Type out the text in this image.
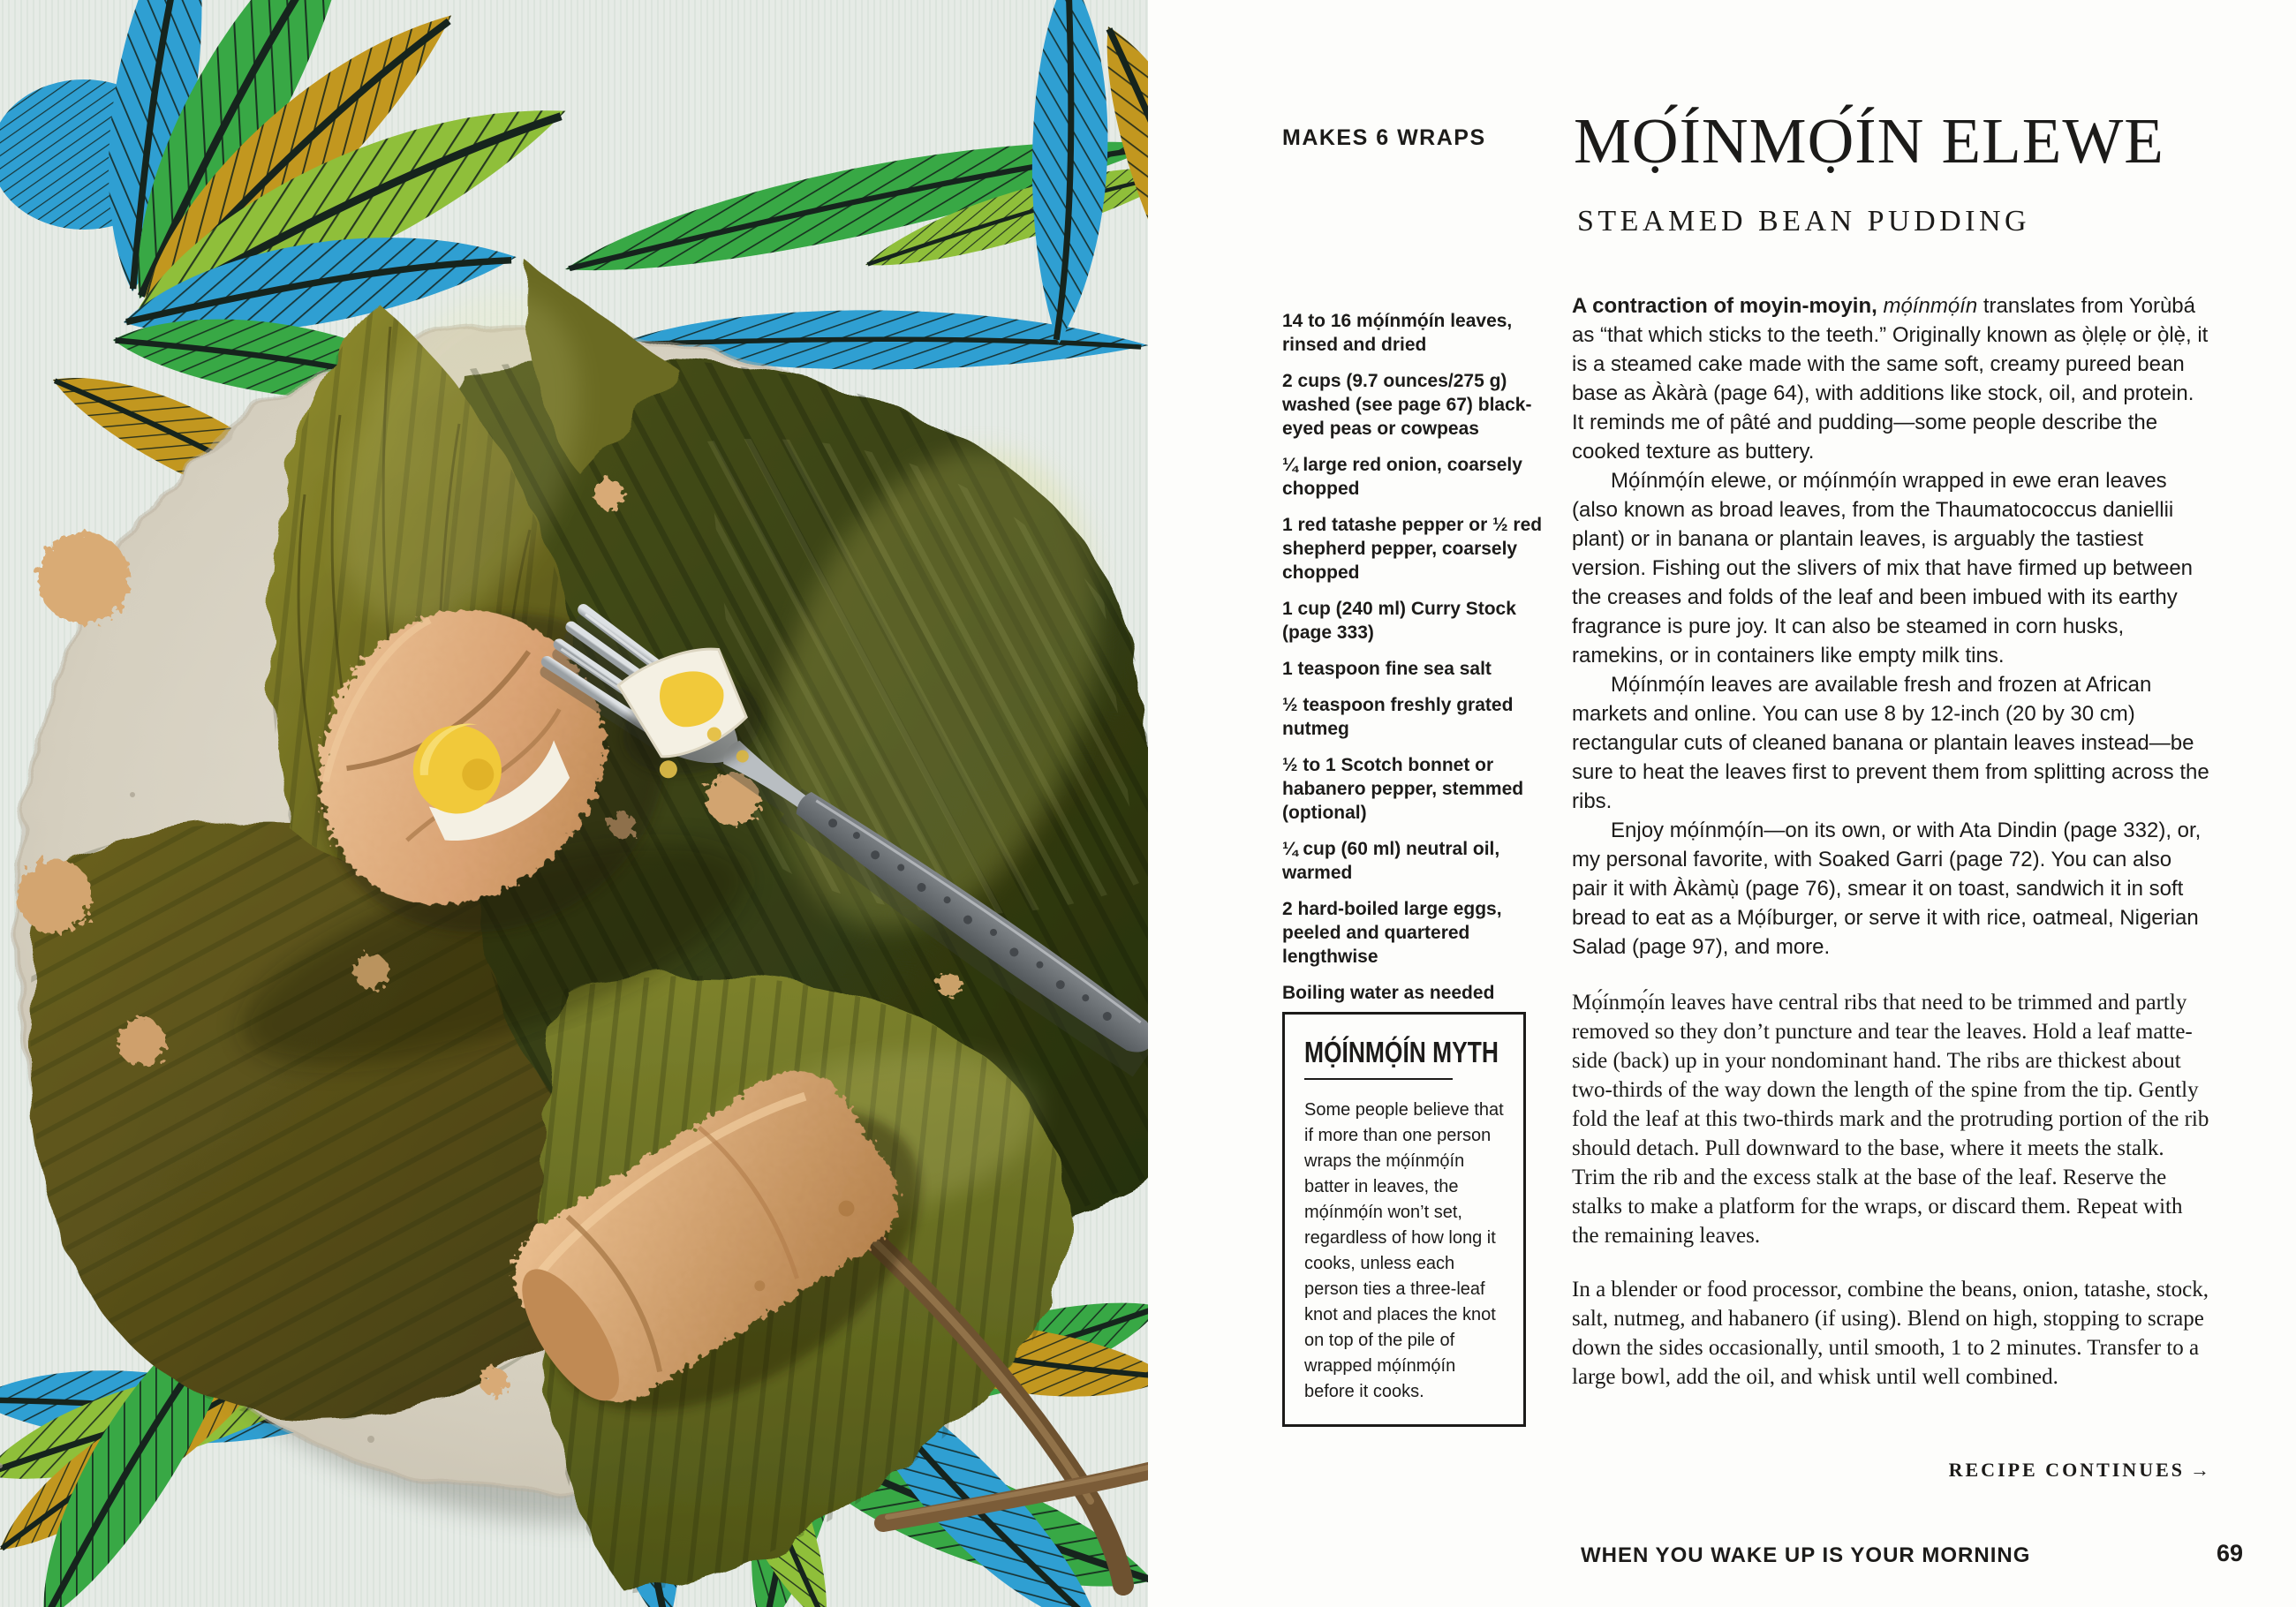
MAKES 6 WRAPS MỌ́ÍNMỌ́ÍN ELEWE
STEAMED BEAN PUDDING
14 to 16 mọ́ínmọ́ín leaves, rinsed and dried
2 cups (9.7 ounces/275 g) washed (see page 67) black-eyed peas or cowpeas
¼ large red onion, coarsely chopped
1 red tatashe pepper or ½ red shepherd pepper, coarsely chopped
1 cup (240 ml) Curry Stock (page 333)
1 teaspoon fine sea salt
½ teaspoon freshly grated nutmeg
½ to 1 Scotch bonnet or habanero pepper, stemmed (optional)
¼ cup (60 ml) neutral oil, warmed
2 hard-boiled large eggs, peeled and quartered lengthwise
Boiling water as needed
MỌ́ÍNMỌ́ÍN MYTH

Some people believe that if more than one person wraps the mọ́ínmọ́ín batter in leaves, the mọ́ínmọ́ín won’t set, regardless of how long it cooks, unless each person ties a three-leaf knot and places the knot on top of the pile of wrapped mọ́ínmọ́ín before it cooks.

A contraction of moyin-moyin, mọ́ínmọ́ín translates from Yorùbá as “that which sticks to the teeth.” Originally known as ọ̀lẹlẹ or ọ̀lẹ̀, it is a steamed cake made with the same soft, creamy pureed bean base as Àkàrà (page 64), with additions like stock, oil, and protein. It reminds me of pâté and pudding—some people describe the cooked texture as buttery.

Mọ́ínmọ́ín elewe, or mọ́ínmọ́ín wrapped in ewe eran leaves (also known as broad leaves, from the Thaumatococcus daniellii plant) or in banana or plantain leaves, is arguably the tastiest version. Fishing out the slivers of mix that have firmed up between the creases and folds of the leaf and been imbued with its earthy fragrance is pure joy. It can also be steamed in corn husks, ramekins, or in containers like empty milk tins.

Mọ́ínmọ́ín leaves are available fresh and frozen at African markets and online. You can use 8 by 12-inch (20 by 30 cm) rectangular cuts of cleaned banana or plantain leaves instead—be sure to heat the leaves first to prevent them from splitting across the ribs.

Enjoy mọ́ínmọ́ín—on its own, or with Ata Dindin (page 332), or, my personal favorite, with Soaked Garri (page 72). You can also pair it with Àkàmụ̀ (page 76), smear it on toast, sandwich it in soft bread to eat as a Mọ́íburger, or serve it with rice, oatmeal, Nigerian Salad (page 97), and more.

Mọ́ínmọ́ín leaves have central ribs that need to be trimmed and partly removed so they don’t puncture and tear the leaves. Hold a leaf matte-side (back) up in your nondominant hand. The ribs are thickest about two-thirds of the way down the length of the spine from the tip. Gently fold the leaf at this two-thirds mark and the protruding portion of the rib should detach. Pull downward to the base, where it meets the stalk. Trim the rib and the excess stalk at the base of the leaf. Reserve the stalks to make a platform for the wraps, or discard them. Repeat with the remaining leaves.

In a blender or food processor, combine the beans, onion, tatashe, stock, salt, nutmeg, and habanero (if using). Blend on high, stopping to scrape down the sides occasionally, until smooth, 1 to 2 minutes. Transfer to a large bowl, add the oil, and whisk until well combined.

RECIPE CONTINUES →
WHEN YOU WAKE UP IS YOUR MORNING	69
